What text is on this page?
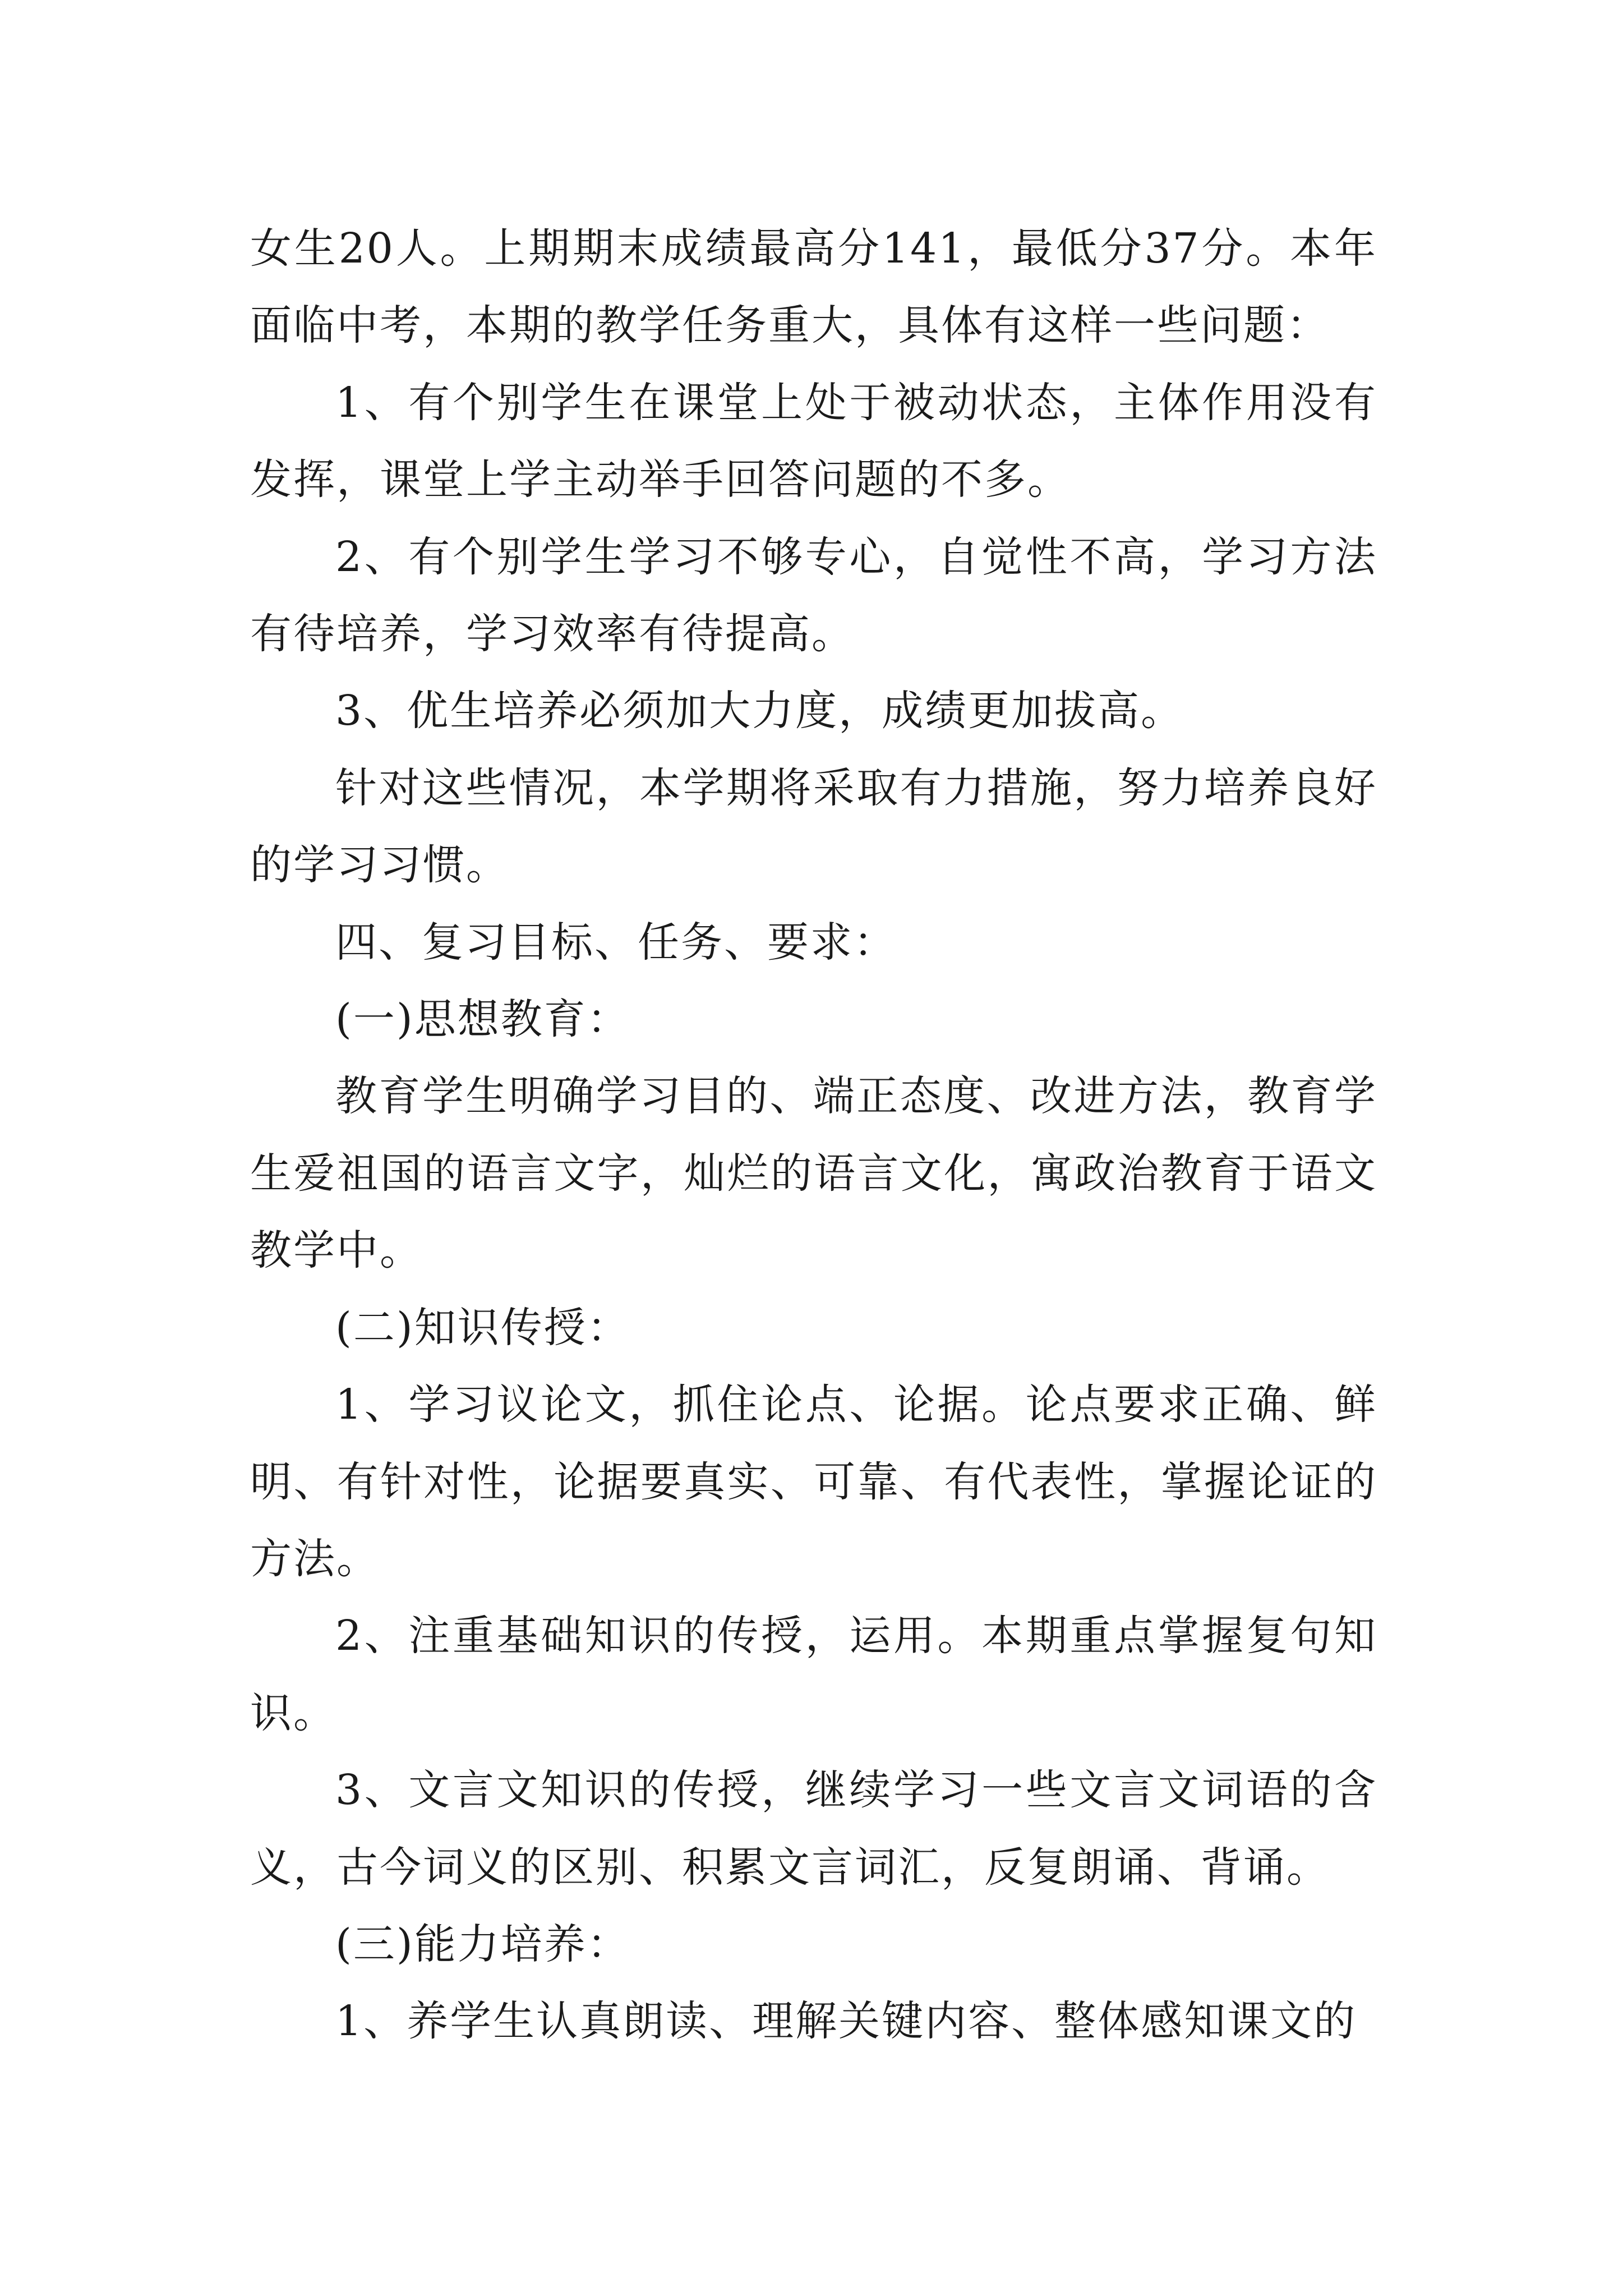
女生20人。上期期末成绩最高分141，最低分37分。本年面临中考，本期的教学任务重大，具体有这样一些问题：

1、有个别学生在课堂上处于被动状态，主体作用没有发挥，课堂上学主动举手回答问题的不多。

2、有个别学生学习不够专心，自觉性不高，学习方法有待培养，学习效率有待提高。

3、优生培养必须加大力度，成绩更加拔高。

针对这些情况，本学期将采取有力措施，努力培养良好的学习习惯。

四、复习目标、任务、要求：

(一)思想教育：

教育学生明确学习目的、端正态度、改进方法，教育学生爱祖国的语言文字，灿烂的语言文化，寓政治教育于语文教学中。

(二)知识传授：

1、学习议论文，抓住论点、论据。论点要求正确、鲜明、有针对性，论据要真实、可靠、有代表性，掌握论证的方法。

2、注重基础知识的传授，运用。本期重点掌握复句知识。

3、文言文知识的传授，继续学习一些文言文词语的含义，古今词义的区别、积累文言词汇，反复朗诵、背诵。

(三)能力培养：

1、养学生认真朗读、理解关键内容、整体感知课文的
